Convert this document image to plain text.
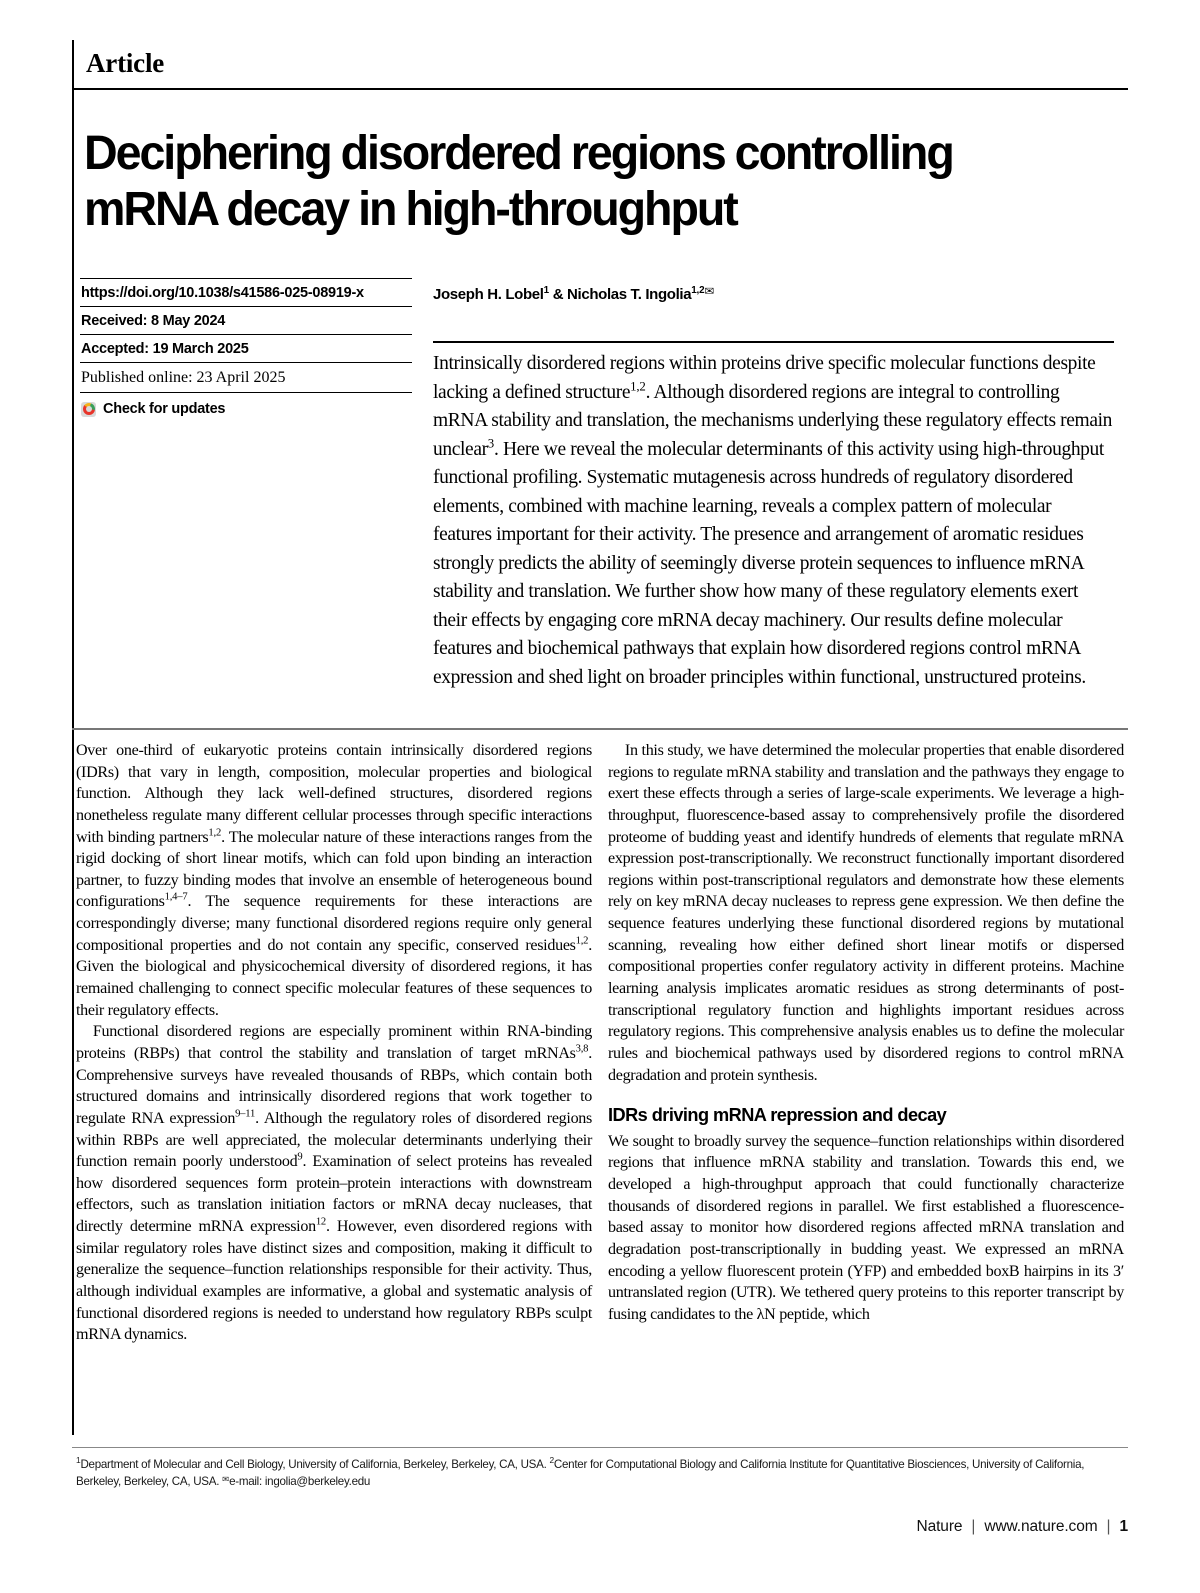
Article
Deciphering disordered regions controlling mRNA decay in high-throughput
https://doi.org/10.1038/s41586-025-08919-x
Received: 8 May 2024
Accepted: 19 March 2025
Published online: 23 April 2025
Check for updates
Joseph H. Lobel$^1$ & Nicholas T. Ingolia$^{1,2✉}$
Intrinsically disordered regions within proteins drive specific molecular functions despite lacking a defined structure$^{1,2}$. Although disordered regions are integral to controlling mRNA stability and translation, the mechanisms underlying these regulatory effects remain unclear$^3$. Here we reveal the molecular determinants of this activity using high-throughput functional profiling. Systematic mutagenesis across hundreds of regulatory disordered elements, combined with machine learning, reveals a complex pattern of molecular features important for their activity. The presence and arrangement of aromatic residues strongly predicts the ability of seemingly diverse protein sequences to influence mRNA stability and translation. We further show how many of these regulatory elements exert their effects by engaging core mRNA decay machinery. Our results define molecular features and biochemical pathways that explain how disordered regions control mRNA expression and shed light on broader principles within functional, unstructured proteins.

Over one-third of eukaryotic proteins contain intrinsically disordered regions (IDRs) that vary in length, composition, molecular properties and biological function. Although they lack well-defined structures, disordered regions nonetheless regulate many different cellular processes through specific interactions with binding partners$^{1,2}$. The molecular nature of these interactions ranges from the rigid docking of short linear motifs, which can fold upon binding an interaction partner, to fuzzy binding modes that involve an ensemble of heterogeneous bound configurations$^{1,4-7}$. The sequence requirements for these interactions are correspondingly diverse; many functional disordered regions require only general compositional properties and do not contain any specific, conserved residues$^{1,2}$. Given the biological and physicochemical diversity of disordered regions, it has remained challenging to connect specific molecular features of these sequences to their regulatory effects.

Functional disordered regions are especially prominent within RNA-binding proteins (RBPs) that control the stability and translation of target mRNAs$^{3,8}$. Comprehensive surveys have revealed thousands of RBPs, which contain both structured domains and intrinsically disordered regions that work together to regulate RNA expression$^{9-11}$. Although the regulatory roles of disordered regions within RBPs are well appreciated, the molecular determinants underlying their function remain poorly understood$^9$. Examination of select proteins has revealed how disordered sequences form protein–protein interactions with downstream effectors, such as translation initiation factors or mRNA decay nucleases, that directly determine mRNA expression$^{12}$. However, even disordered regions with similar regulatory roles have distinct sizes and composition, making it difficult to generalize the sequence–function relationships responsible for their activity. Thus, although individual examples are informative, a global and systematic analysis of functional disordered regions is needed to understand how regulatory RBPs sculpt mRNA dynamics.

In this study, we have determined the molecular properties that enable disordered regions to regulate mRNA stability and translation and the pathways they engage to exert these effects through a series of large-scale experiments. We leverage a high-throughput, fluorescence-based assay to comprehensively profile the disordered proteome of budding yeast and identify hundreds of elements that regulate mRNA expression post-transcriptionally. We reconstruct functionally important disordered regions within post-transcriptional regulators and demonstrate how these elements rely on key mRNA decay nucleases to repress gene expression. We then define the sequence features underlying these functional disordered regions by mutational scanning, revealing how either defined short linear motifs or dispersed compositional properties confer regulatory activity in different proteins. Machine learning analysis implicates aromatic residues as strong determinants of post-transcriptional regulatory function and highlights important residues across regulatory regions. This comprehensive analysis enables us to define the molecular rules and biochemical pathways used by disordered regions to control mRNA degradation and protein synthesis.

IDRs driving mRNA repression and decay

We sought to broadly survey the sequence–function relationships within disordered regions that influence mRNA stability and translation. Towards this end, we developed a high-throughput approach that could functionally characterize thousands of disordered regions in parallel. We first established a fluorescence-based assay to monitor how disordered regions affected mRNA translation and degradation post-transcriptionally in budding yeast. We expressed an mRNA encoding a yellow fluorescent protein (YFP) and embedded boxB hairpins in its 3′ untranslated region (UTR). We tethered query proteins to this reporter transcript by fusing candidates to the λN peptide, which

$^1$Department of Molecular and Cell Biology, University of California, Berkeley, Berkeley, CA, USA. $^2$Center for Computational Biology and California Institute for Quantitative Biosciences, University of California, Berkeley, Berkeley, CA, USA. ✉e-mail: ingolia@berkeley.edu
Nature | www.nature.com | 1
